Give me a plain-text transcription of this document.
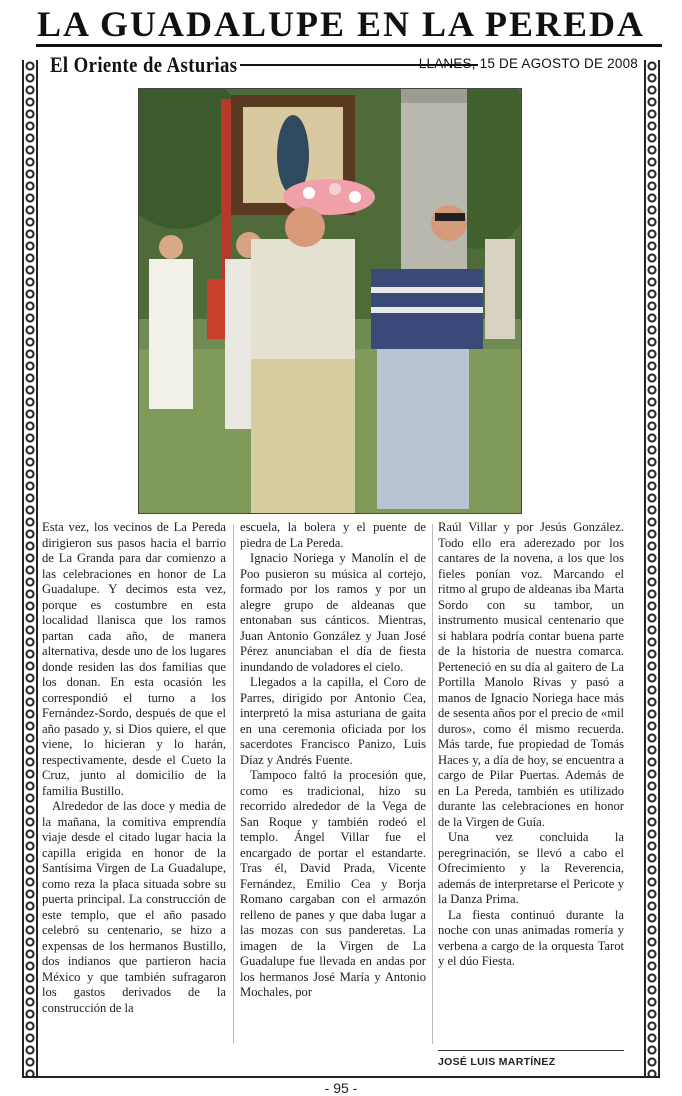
LA GUADALUPE EN LA PEREDA
El Oriente de Asturias	LLANES, 15 DE AGOSTO DE 2008

Esta vez, los vecinos de La Pereda dirigieron sus pasos hacia el barrio de La Granda para dar comienzo a las celebraciones en honor de La Guadalupe. Y decimos esta vez, porque es costumbre en esta localidad llanisca que los ramos partan cada año, de manera alternativa, desde uno de los lugares donde residen las dos familias que los donan. En esta ocasión les correspondió el turno a los Fernández-Sordo, después de que el año pasado y, si Dios quiere, el que viene, lo hicieran y lo harán, respectivamente, desde el Cueto la Cruz, junto al domicilio de la familia Bustillo.

Alrededor de las doce y media de la mañana, la comitiva emprendía viaje desde el citado lugar hacia la capilla erigida en honor de la Santísima Virgen de La Guadalupe, como reza la placa situada sobre su puerta principal. La construcción de este templo, que el año pasado celebró su centenario, se hizo a expensas de los hermanos Bustillo, dos indianos que partieron hacia México y que también sufragaron los gastos derivados de la construcción de la

escuela, la bolera y el puente de piedra de La Pereda.

Ignacio Noriega y Manolín el de Poo pusieron su música al cortejo, formado por los ramos y por un alegre grupo de aldeanas que entonaban sus cánticos. Mientras, Juan Antonio González y Juan José Pérez anunciaban el día de fiesta inundando de voladores el cielo.

Llegados a la capilla, el Coro de Parres, dirigido por Antonio Cea, interpretó la misa asturiana de gaita en una ceremonia oficiada por los sacerdotes Francisco Panizo, Luis Díaz y Andrés Fuente.

Tampoco faltó la procesión que, como es tradicional, hizo su recorrido alrededor de la Vega de San Roque y también rodeó el templo. Ángel Villar fue el encargado de portar el estandarte. Tras él, David Prada, Vicente Fernández, Emilio Cea y Borja Romano cargaban con el armazón relleno de panes y que daba lugar a las mozas con sus panderetas. La imagen de la Virgen de La Guadalupe fue llevada en andas por los hermanos José María y Antonio Mochales, por

Raúl Villar y por Jesús González. Todo ello era aderezado por los cantares de la novena, a los que los fieles ponían voz. Marcando el ritmo al grupo de aldeanas iba Marta Sordo con su tambor, un instrumento musical centenario que si hablara podría contar buena parte de la historia de nuestra comarca. Perteneció en su día al gaitero de La Portilla Manolo Rivas y pasó a manos de Ignacio Noriega hace más de sesenta años por el precio de «mil duros», como él mismo recuerda. Más tarde, fue propiedad de Tomás Haces y, a día de hoy, se encuentra a cargo de Pilar Puertas. Además de en La Pereda, también es utilizado durante las celebraciones en honor de la Virgen de Guía.

Una vez concluida la peregrinación, se llevó a cabo el Ofrecimiento y la Reverencia, además de interpretarse el Pericote y la Danza Prima.

La fiesta continuó durante la noche con unas animadas romería y verbena a cargo de la orquesta Tarot y el dúo Fiesta.

JOSÉ LUIS MARTÍNEZ
- 95 -
